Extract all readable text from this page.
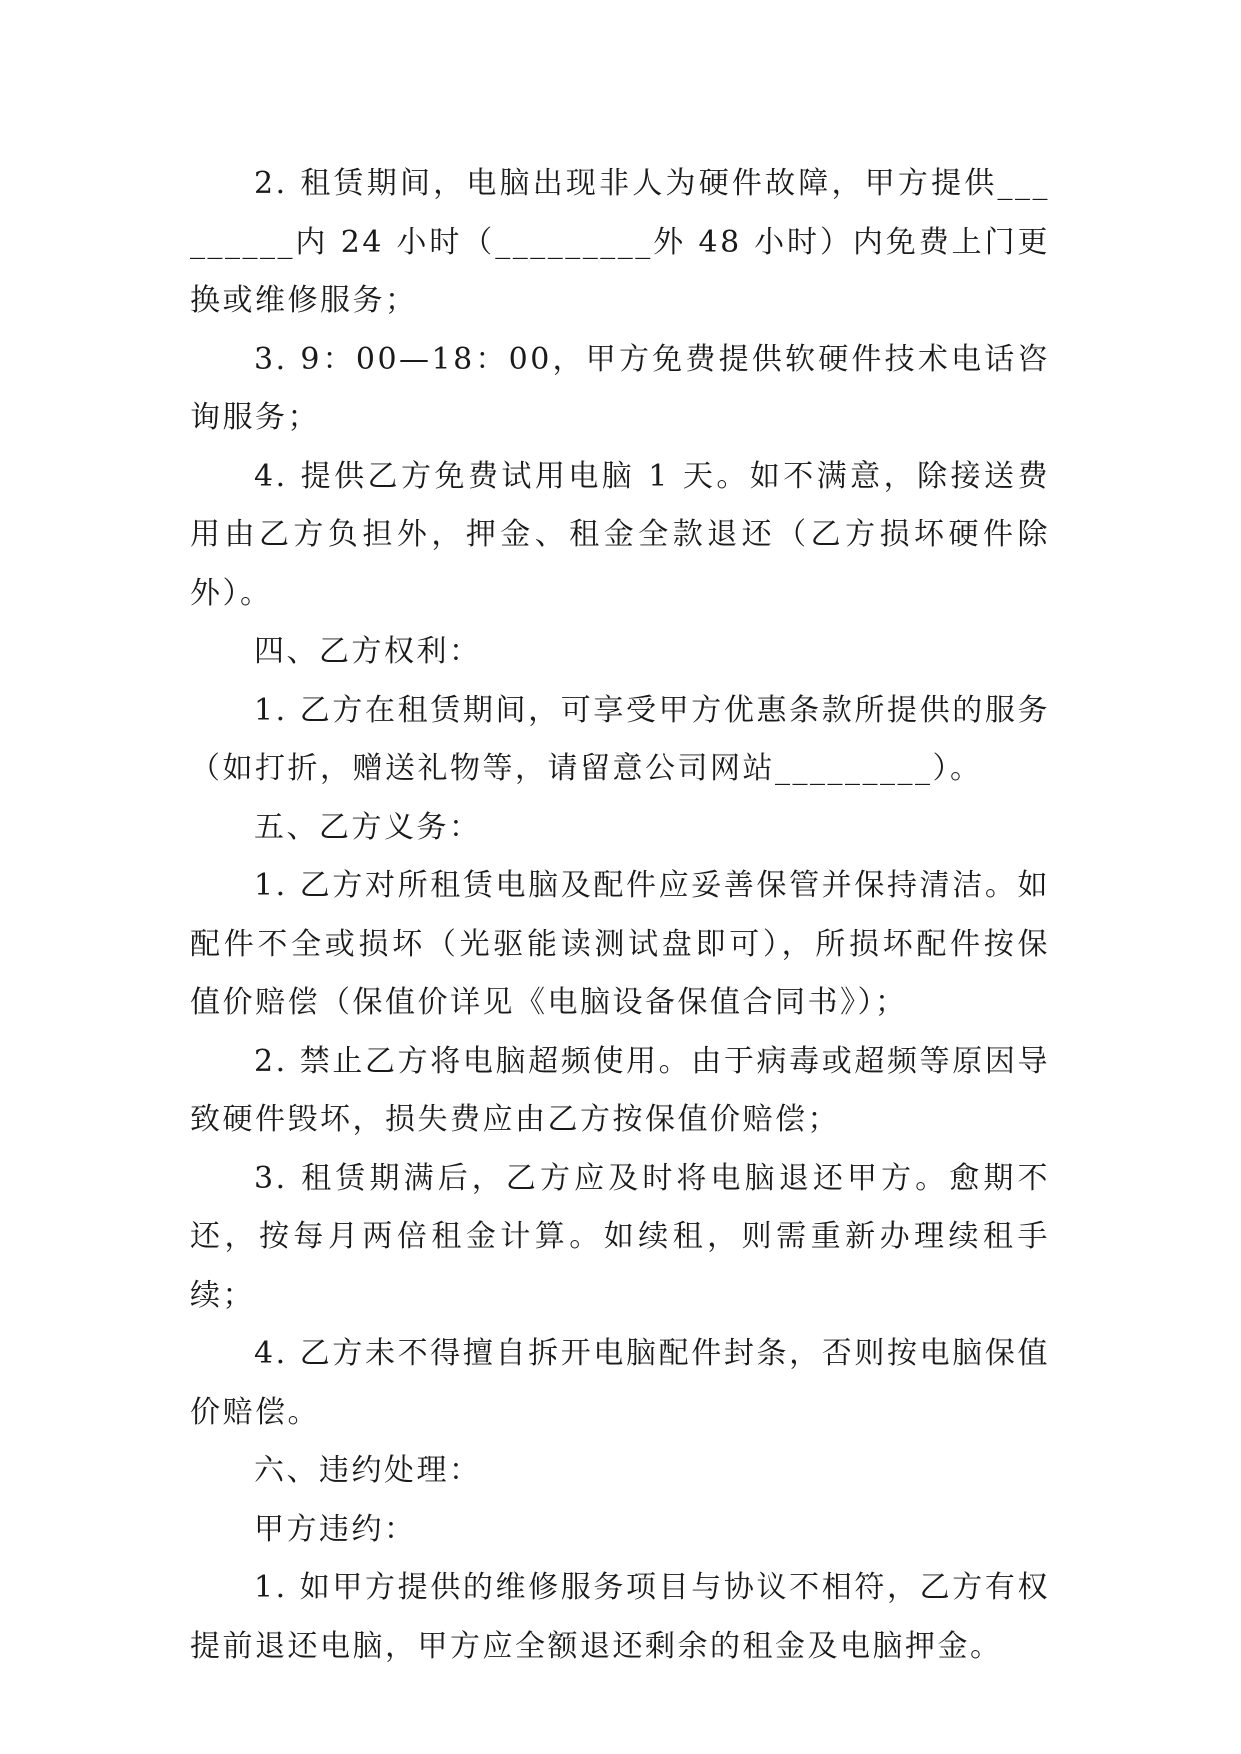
2. 租赁期间，电脑出现非人为硬件故障，甲方提供_________内 24 小时（_________外 48 小时）内免费上门更换或维修服务；

3. 9：00—18：00，甲方免费提供软硬件技术电话咨询服务；

4. 提供乙方免费试用电脑 1 天。如不满意，除接送费用由乙方负担外，押金、租金全款退还（乙方损坏硬件除外）。

四、乙方权利：

1. 乙方在租赁期间，可享受甲方优惠条款所提供的服务（如打折，赠送礼物等，请留意公司网站_________）。

五、乙方义务：

1. 乙方对所租赁电脑及配件应妥善保管并保持清洁。如配件不全或损坏（光驱能读测试盘即可），所损坏配件按保值价赔偿（保值价详见《电脑设备保值合同书》）；

2. 禁止乙方将电脑超频使用。由于病毒或超频等原因导致硬件毁坏，损失费应由乙方按保值价赔偿；

3. 租赁期满后，乙方应及时将电脑退还甲方。愈期不还，按每月两倍租金计算。如续租，则需重新办理续租手续；

4. 乙方未不得擅自拆开电脑配件封条，否则按电脑保值价赔偿。

六、违约处理：

甲方违约：

1. 如甲方提供的维修服务项目与协议不相符，乙方有权提前退还电脑，甲方应全额退还剩余的租金及电脑押金。
